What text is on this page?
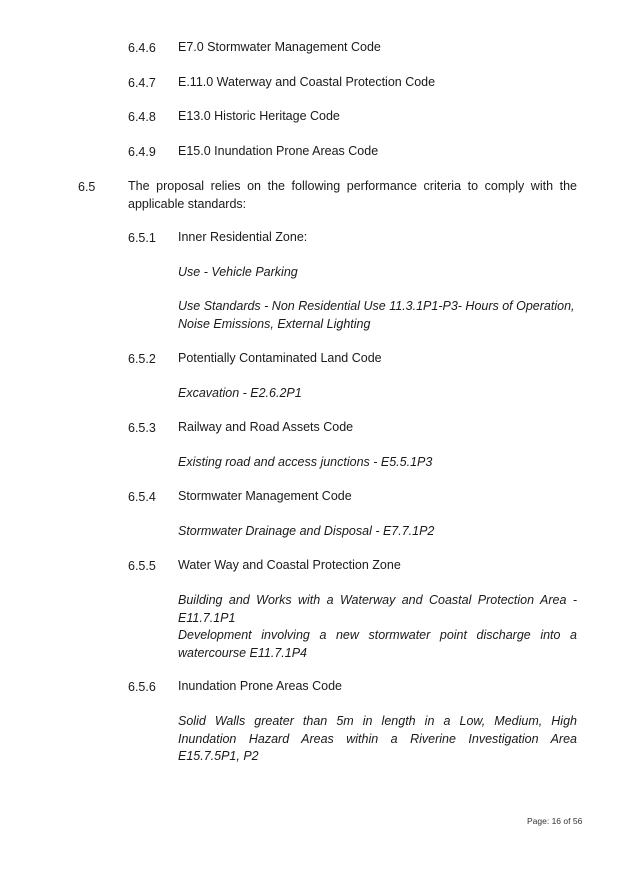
6.4.6 E7.0 Stormwater Management Code
6.4.7 E.11.0 Waterway and Coastal Protection Code
6.4.8 E13.0 Historic Heritage Code
6.4.9 E15.0 Inundation Prone Areas Code
6.5	The proposal relies on the following performance criteria to comply with the applicable standards:
6.5.1 Inner Residential Zone:
Use - Vehicle Parking
Use Standards - Non Residential Use 11.3.1P1-P3- Hours of Operation, Noise Emissions, External Lighting
6.5.2 Potentially Contaminated Land Code
Excavation - E2.6.2P1
6.5.3 Railway and Road Assets Code
Existing road and access junctions - E5.5.1P3
6.5.4 Stormwater Management Code
Stormwater Drainage and Disposal - E7.7.1P2
6.5.5 Water Way and Coastal Protection Zone
Building and Works with a Waterway and Coastal Protection Area - E11.7.1P1
Development involving a new stormwater point discharge into a watercourse E11.7.1P4
6.5.6 Inundation Prone Areas Code
Solid Walls greater than 5m in length in a Low, Medium, High Inundation Hazard Areas within a Riverine Investigation Area E15.7.5P1, P2
Page: 16 of 56
